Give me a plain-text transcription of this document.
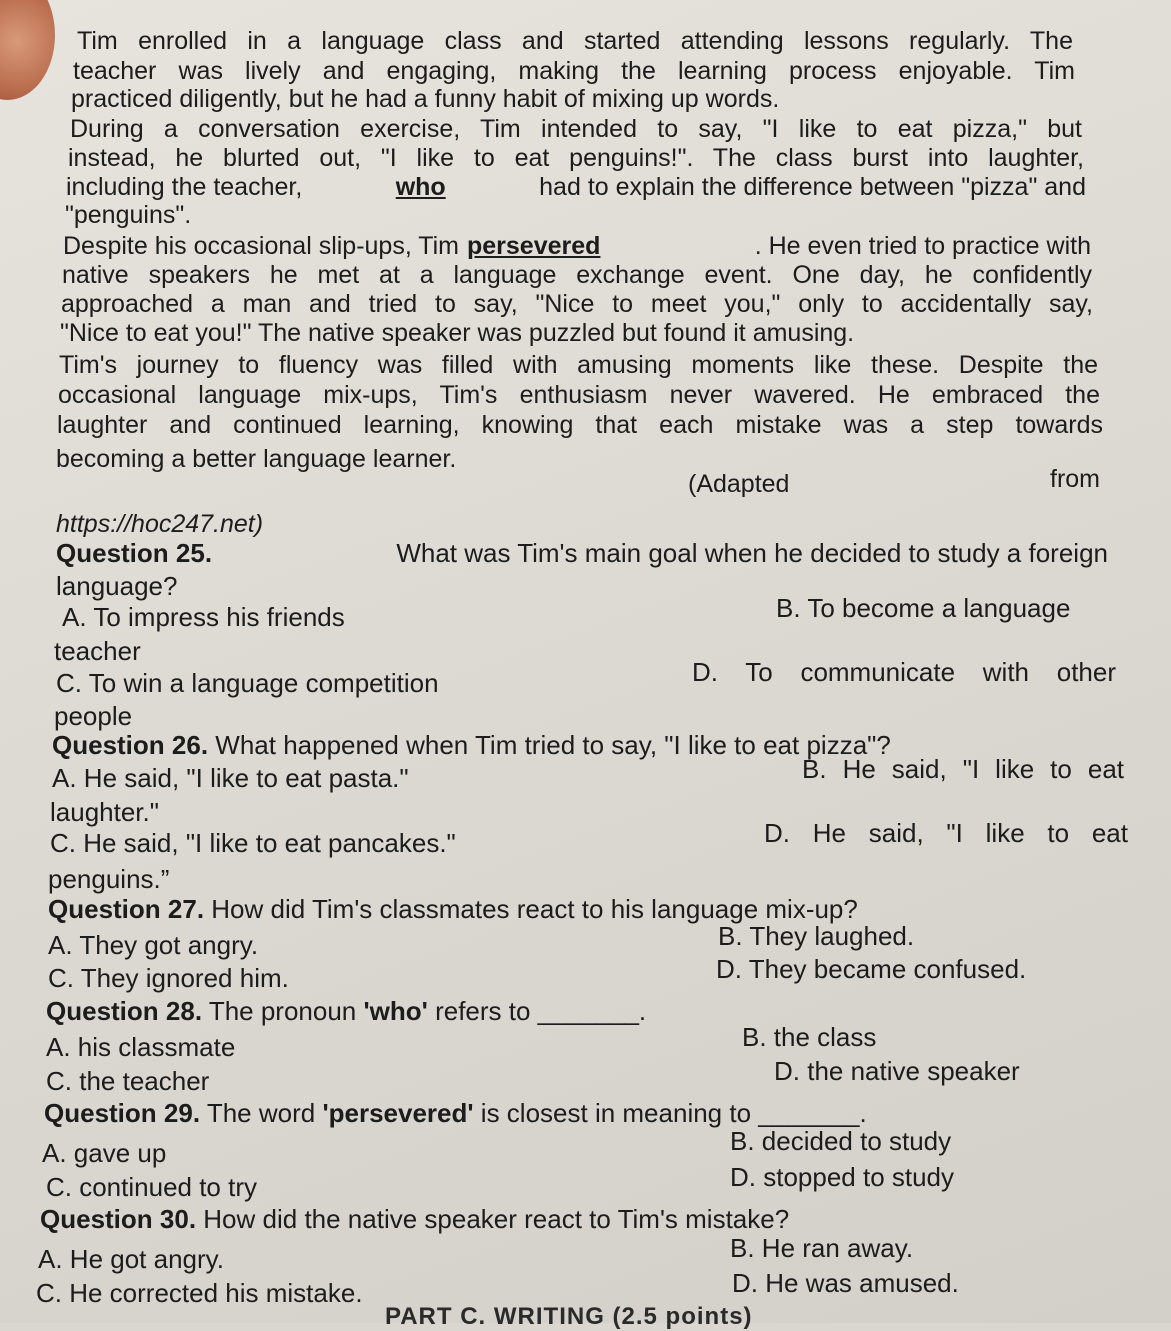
Tim enrolled in a language class and started attending lessons regularly. The
teacher was lively and engaging, making the learning process enjoyable. Tim
practiced diligently, but he had a funny habit of mixing up words.
During a conversation exercise, Tim intended to say, "I like to eat pizza," but
instead, he blurted out, "I like to eat penguins!". The class burst into laughter,
including the teacher,	who	had to explain the difference between "pizza" and
"penguins".
Despite his occasional slip-ups, Tim persevered	. He even tried to practice with
native speakers he met at a language exchange event. One day, he confidently
approached a man and tried to say, "Nice to meet you," only to accidentally say,
"Nice to eat you!" The native speaker was puzzled but found it amusing.
Tim's journey to fluency was filled with amusing moments like these. Despite the
occasional language mix-ups, Tim's enthusiasm never wavered. He embraced the
laughter and continued learning, knowing that each mistake was a step towards
becoming a better language learner.
(Adapted	from
https://hoc247.net)
Question 25.	What was Tim's main goal when he decided to study a foreign
language?
A. To impress his friends	B. To become a language
teacher
C. To win a language competition	D. To communicate with other
people
Question 26. What happened when Tim tried to say, "I like to eat pizza"?
A. He said, "I like to eat pasta."	B. He said, "I like to eat
laughter."
C. He said, "I like to eat pancakes."	D. He said, "I like to eat
penguins.”
Question 27. How did Tim's classmates react to his language mix-up?
A. They got angry.	B. They laughed.
C. They ignored him.	D. They became confused.
Question 28. The pronoun 'who' refers to _______.
A. his classmate	B. the class
C. the teacher	D. the native speaker
Question 29. The word 'persevered' is closest in meaning to _______.
A. gave up	B. decided to study
C. continued to try	D. stopped to study
Question 30. How did the native speaker react to Tim's mistake?
A. He got angry.	B. He ran away.
C. He corrected his mistake.	D. He was amused.
PART C. WRITING (2.5 points)
